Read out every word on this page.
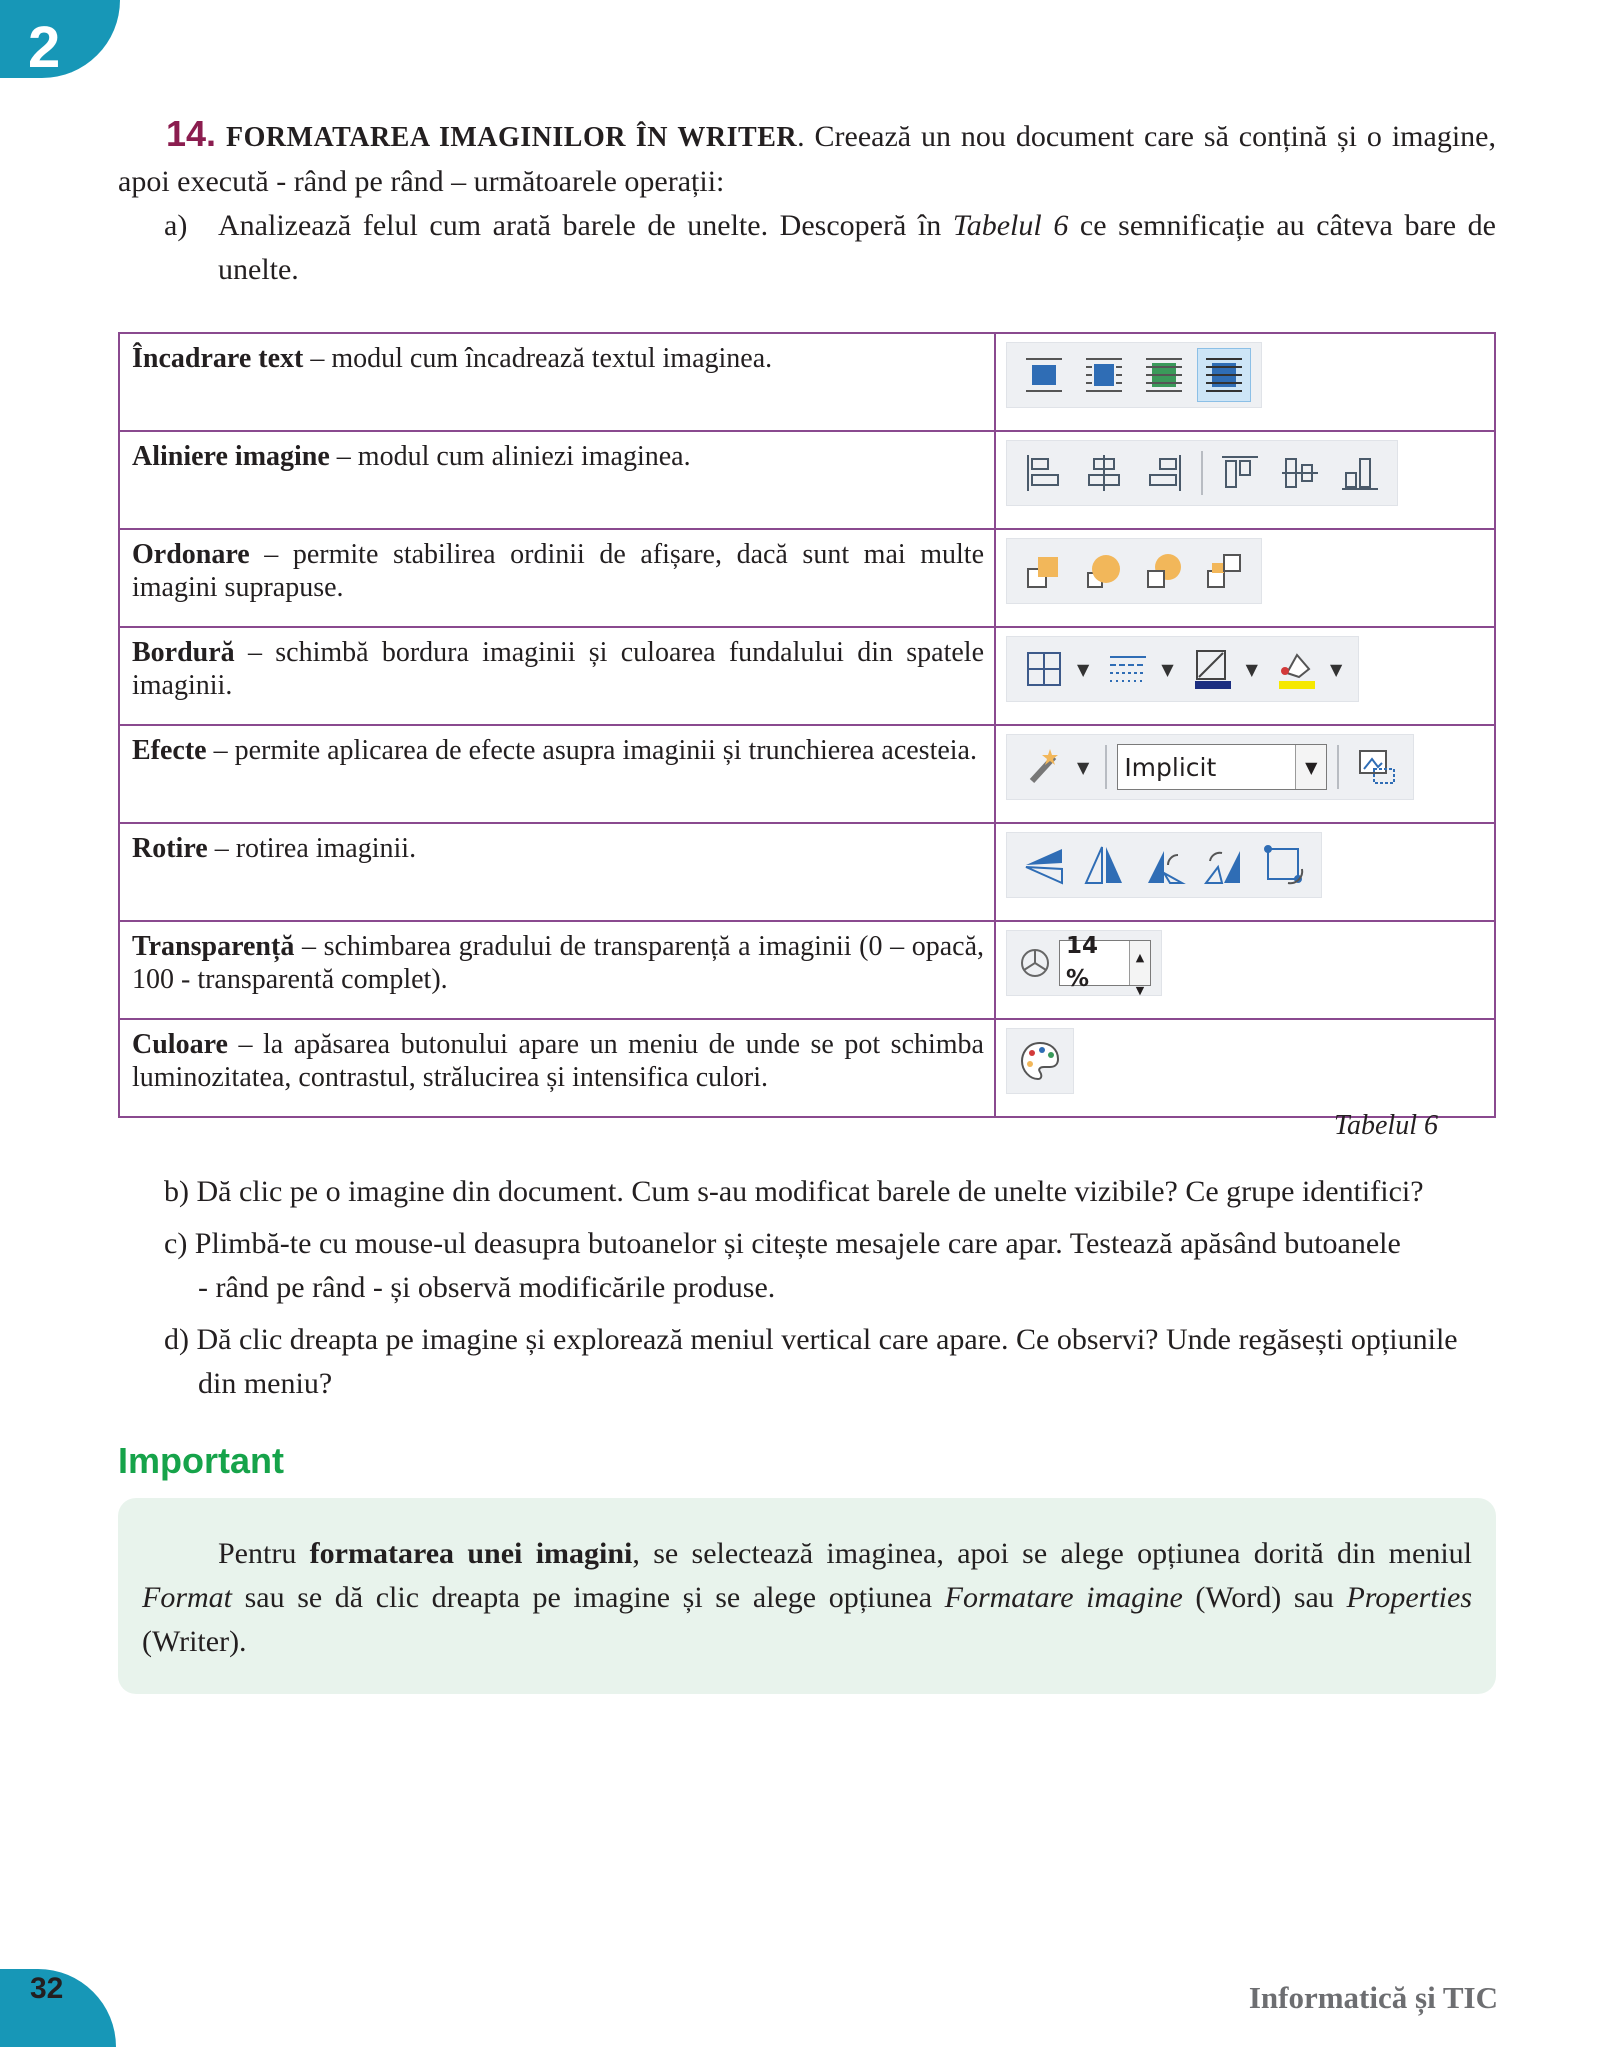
2

14. FORMATAREA IMAGINILOR ÎN WRITER. Creează un nou document care să conțină și o imagine, apoi execută - rând pe rând – următoarele operații:

a) Analizează felul cum arată barele de unelte. Descoperă în Tabelul 6 ce semnificație au câteva bare de unelte.

Încadrare text – modul cum încadrează textul imaginea.	

Aliniere imagine – modul cum aliniezi imaginea.	

Ordonare – permite stabilirea ordinii de afișare, dacă sunt mai multe imagini suprapuse.	

Bordură – schimbă bordura imaginii și culoarea fundalului din spatele imaginii.	▼ ▼ ▼ ▼

Efecte – permite aplicarea de efecte asupra imaginii și trunchierea acesteia.	▼ Implicit ▼

Rotire – rotirea imaginii.	

Transparență – schimbarea gradului de transparență a imaginii (0 – opacă, 100 - transparentă complet).	14 %
▲
▼

Culoare – la apăsarea butonului apare un meniu de unde se pot schimba luminozitatea, contrastul, strălucirea și intensifica culori.	
Tabelul 6

b) Dă clic pe o imagine din document. Cum s-au modificat barele de unelte vizibile? Ce grupe identifici?

c) Plimbă-te cu mouse-ul deasupra butoanelor și citește mesajele care apar. Testează apăsând butoanele
- rând pe rând - și observă modificările produse.

d) Dă clic dreapta pe imagine și explorează meniul vertical care apare. Ce observi? Unde regăsești opțiunile
din meniu?

Important

Pentru formatarea unei imagini, se selectează imaginea, apoi se alege opțiunea dorită din meniul Format sau se dă clic dreapta pe imagine și se alege opțiunea Formatare imagine (Word) sau Properties (Writer).

32	Informatică și TIC
